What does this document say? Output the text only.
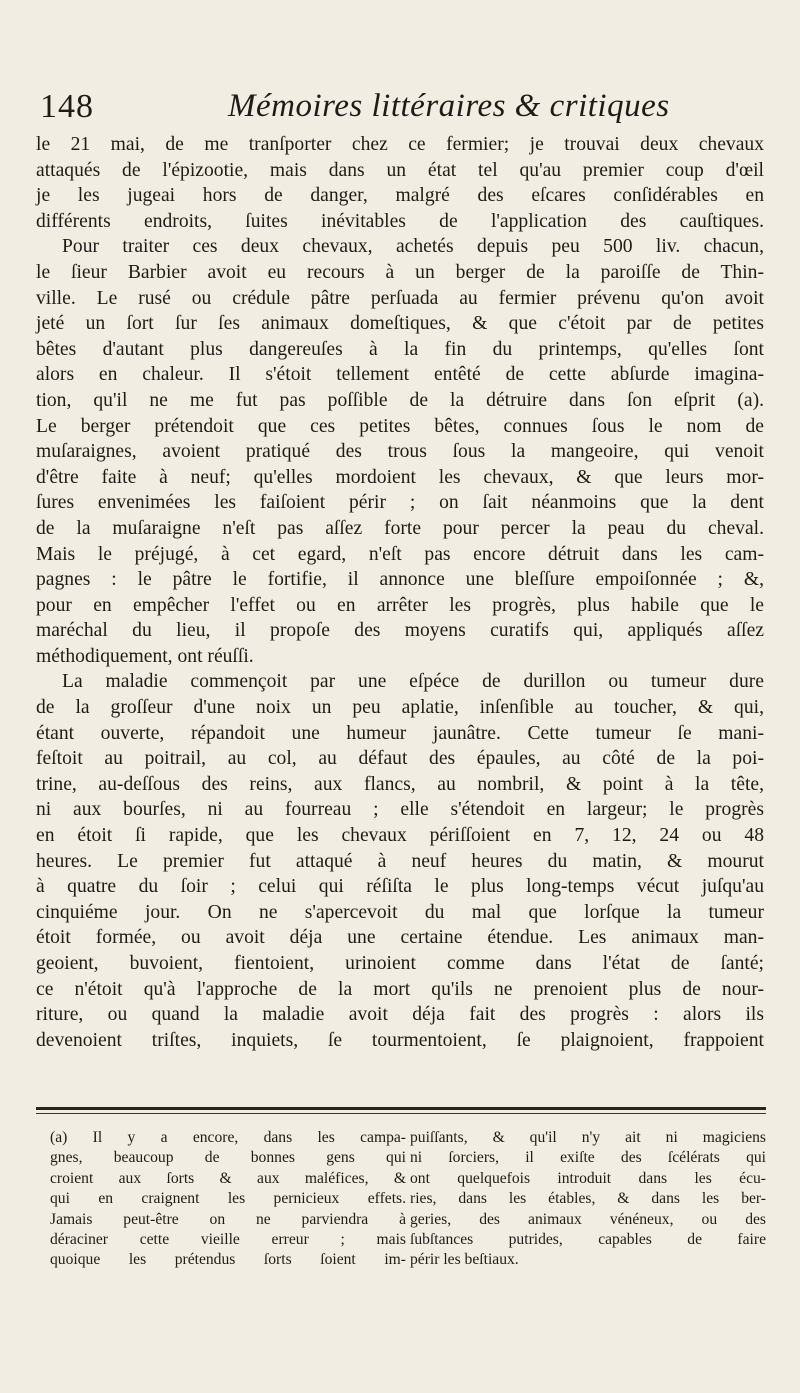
148	Mémoires littéraires & critiques
le 21 mai, de me tranſporter chez ce fermier; je trouvai deux chevaux
attaqués de l'épizootie, mais dans un état tel qu'au premier coup d'œil
je les jugeai hors de danger, malgré des eſcares conſidérables en
différents endroits, ſuites inévitables de l'application des cauſtiques.
Pour traiter ces deux chevaux, achetés depuis peu 500 liv. chacun,
le ſieur Barbier avoit eu recours à un berger de la paroiſſe de Thin-
ville. Le rusé ou crédule pâtre perſuada au fermier prévenu qu'on avoit
jeté un ſort ſur ſes animaux domeſtiques, & que c'étoit par de petites
bêtes d'autant plus dangereuſes à la fin du printemps, qu'elles ſont
alors en chaleur. Il s'étoit tellement entêté de cette abſurde imagina-
tion, qu'il ne me fut pas poſſible de la détruire dans ſon eſprit (a).
Le berger prétendoit que ces petites bêtes, connues ſous le nom de
muſaraignes, avoient pratiqué des trous ſous la mangeoire, qui venoit
d'être faite à neuf; qu'elles mordoient les chevaux, & que leurs mor-
ſures envenimées les faiſoient périr ; on ſait néanmoins que la dent
de la muſaraigne n'eſt pas aſſez forte pour percer la peau du cheval.
Mais le préjugé, à cet egard, n'eſt pas encore détruit dans les cam-
pagnes : le pâtre le fortifie, il annonce une bleſſure empoiſonnée ; &,
pour en empêcher l'effet ou en arrêter les progrès, plus habile que le
maréchal du lieu, il propoſe des moyens curatifs qui, appliqués aſſez
méthodiquement, ont réuſſi.
La maladie commençoit par une eſpéce de durillon ou tumeur dure
de la groſſeur d'une noix un peu aplatie, inſenſible au toucher, & qui,
étant ouverte, répandoit une humeur jaunâtre. Cette tumeur ſe mani-
feſtoit au poitrail, au col, au défaut des épaules, au côté de la poi-
trine, au-deſſous des reins, aux flancs, au nombril, & point à la tête,
ni aux bourſes, ni au fourreau ; elle s'étendoit en largeur; le progrès
en étoit ſi rapide, que les chevaux périſſoient en 7, 12, 24 ou 48
heures. Le premier fut attaqué à neuf heures du matin, & mourut
à quatre du ſoir ; celui qui réſiſta le plus long-temps vécut juſqu'au
cinquiéme jour. On ne s'apercevoit du mal que lorſque la tumeur
étoit formée, ou avoit déja une certaine étendue. Les animaux man-
geoient, buvoient, fientoient, urinoient comme dans l'état de ſanté;
ce n'étoit qu'à l'approche de la mort qu'ils ne prenoient plus de nour-
riture, ou quand la maladie avoit déja fait des progrès : alors ils
devenoient triſtes, inquiets, ſe tourmentoient, ſe plaignoient, frappoient
(a) Il y a encore, dans les campa-
gnes, beaucoup de bonnes gens qui
croient aux ſorts & aux maléfices, &
qui en craignent les pernicieux effets.
Jamais peut-être on ne parviendra à
déraciner cette vieille erreur ; mais
quoique les prétendus ſorts ſoient im-
puiſſants, & qu'il n'y ait ni magiciens
ni ſorciers, il exiſte des ſcélérats qui
ont quelquefois introduit dans les écu-
ries, dans les étables, & dans les ber-
geries, des animaux vénéneux, ou des
ſubſtances putrides, capables de faire
périr les beſtiaux.
